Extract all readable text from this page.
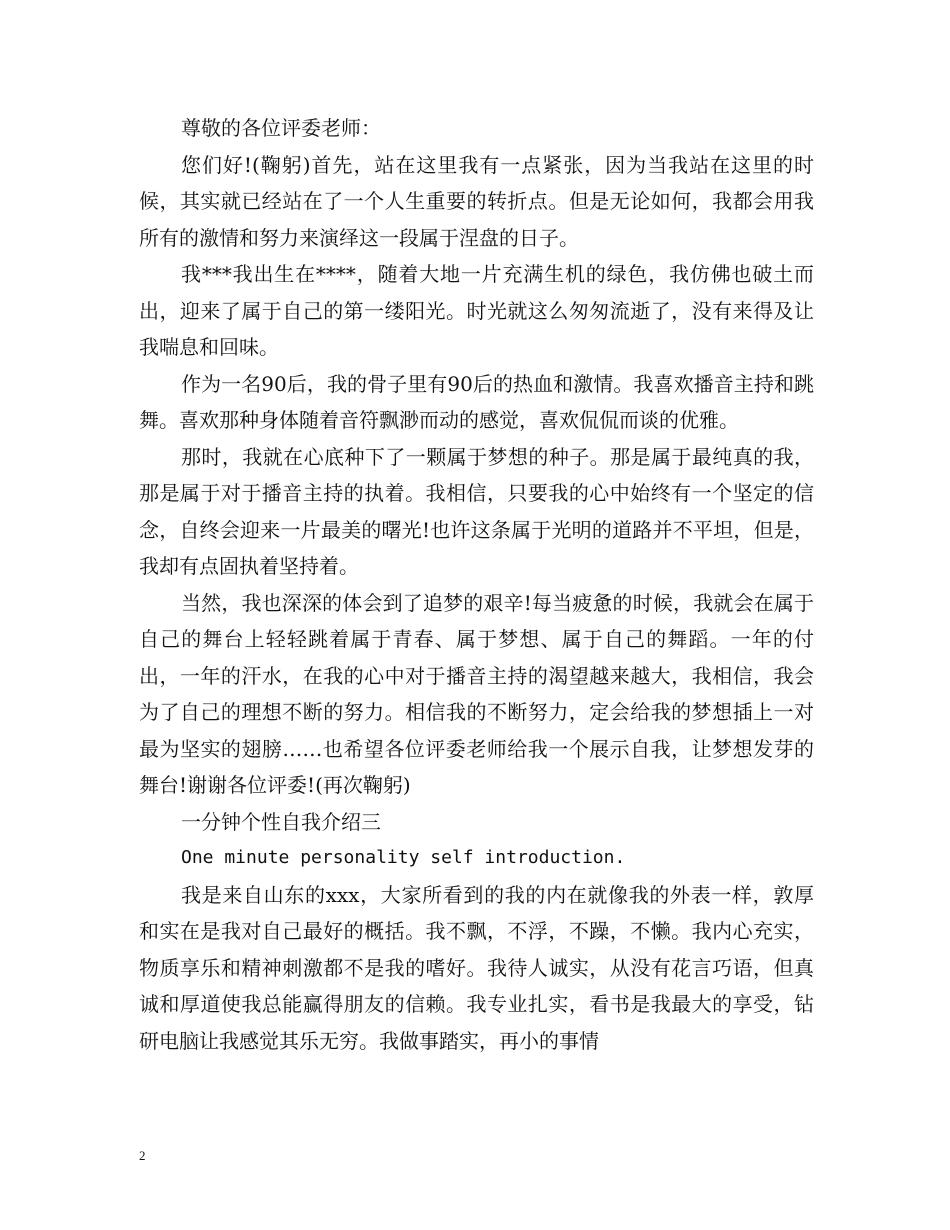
尊敬的各位评委老师：

您们好!(鞠躬)首先，站在这里我有一点紧张，因为当我站在这里的时候，其实就已经站在了一个人生重要的转折点。但是无论如何，我都会用我所有的激情和努力来演绎这一段属于涅盘的日子。

我***我出生在****，随着大地一片充满生机的绿色，我仿佛也破土而出，迎来了属于自己的第一缕阳光。时光就这么匆匆流逝了，没有来得及让我喘息和回味。

作为一名90后，我的骨子里有90后的热血和激情。我喜欢播音主持和跳舞。喜欢那种身体随着音符飘渺而动的感觉，喜欢侃侃而谈的优雅。

那时，我就在心底种下了一颗属于梦想的种子。那是属于最纯真的我，那是属于对于播音主持的执着。我相信，只要我的心中始终有一个坚定的信念，自终会迎来一片最美的曙光!也许这条属于光明的道路并不平坦，但是，我却有点固执着坚持着。

当然，我也深深的体会到了追梦的艰辛!每当疲惫的时候，我就会在属于自己的舞台上轻轻跳着属于青春、属于梦想、属于自己的舞蹈。一年的付出，一年的汗水，在我的心中对于播音主持的渴望越来越大，我相信，我会为了自己的理想不断的努力。相信我的不断努力，定会给我的梦想插上一对最为坚实的翅膀……也希望各位评委老师给我一个展示自我，让梦想发芽的舞台!谢谢各位评委!(再次鞠躬)

一分钟个性自我介绍三

One minute personality self introduction.

我是来自山东的xxx，大家所看到的我的内在就像我的外表一样，敦厚和实在是我对自己最好的概括。我不飘，不浮，不躁，不懒。我内心充实，物质享乐和精神刺激都不是我的嗜好。我待人诚实，从没有花言巧语，但真诚和厚道使我总能赢得朋友的信赖。我专业扎实，看书是我最大的享受，钻研电脑让我感觉其乐无穷。我做事踏实，再小的事情

2
